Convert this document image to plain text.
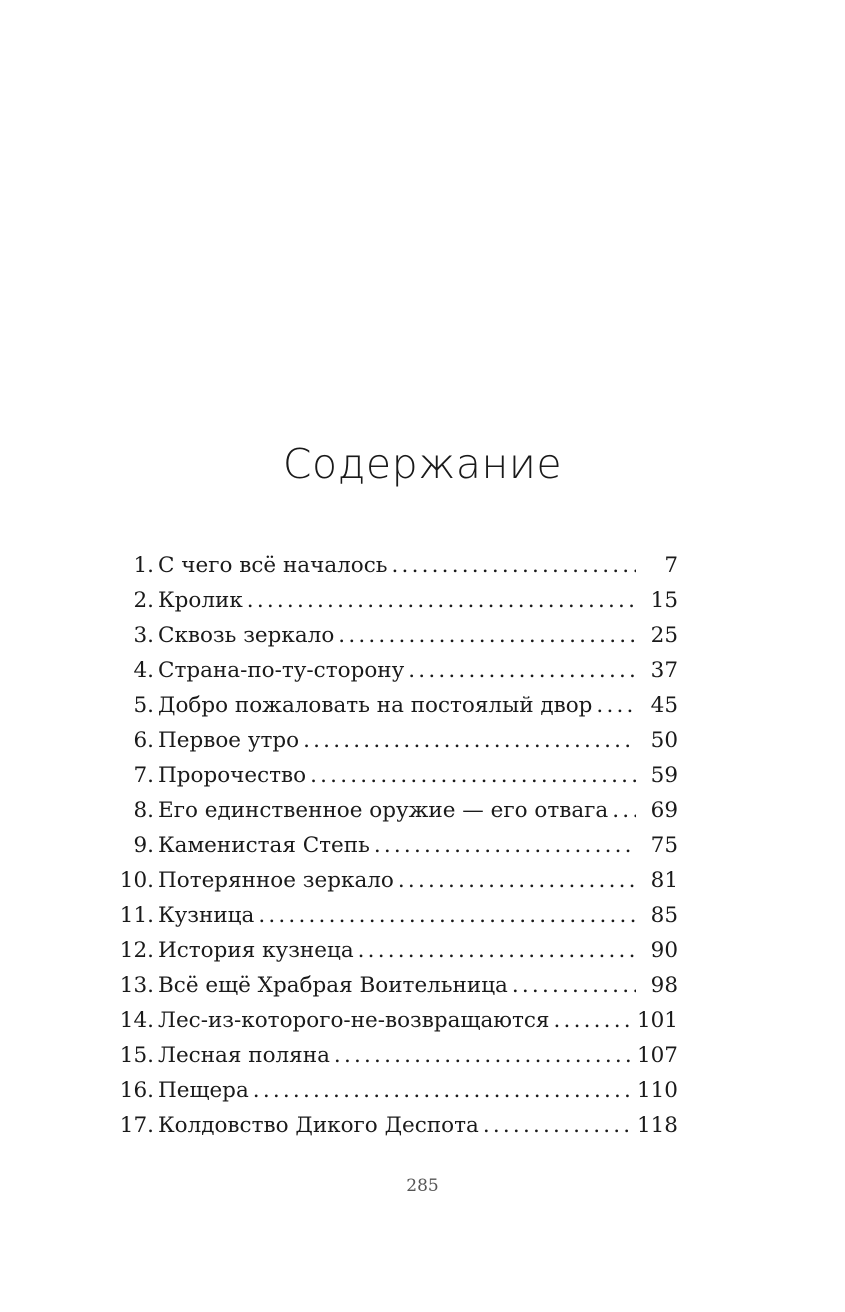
Содержание
1. С чего всё началось .....	7
2. Кролик .....	15
3. Сквозь зеркало .....	25
4. Страна-по-ту-сторону .....	37
5. Добро пожаловать на постоялый двор .....	45
6. Первое утро .....	50
7. Пророчество .....	59
8. Его единственное оружие — его отвага .....	69
9. Каменистая Степь .....	75
10. Потерянное зеркало .....	81
11. Кузница .....	85
12. История кузнеца .....	90
13. Всё ещё Храбрая Воительница .....	98
14. Лес-из-которого-не-возвращаются .....	101
15. Лесная поляна .....	107
16. Пещера .....	110
17. Колдовство Дикого Деспота .....	118
285
